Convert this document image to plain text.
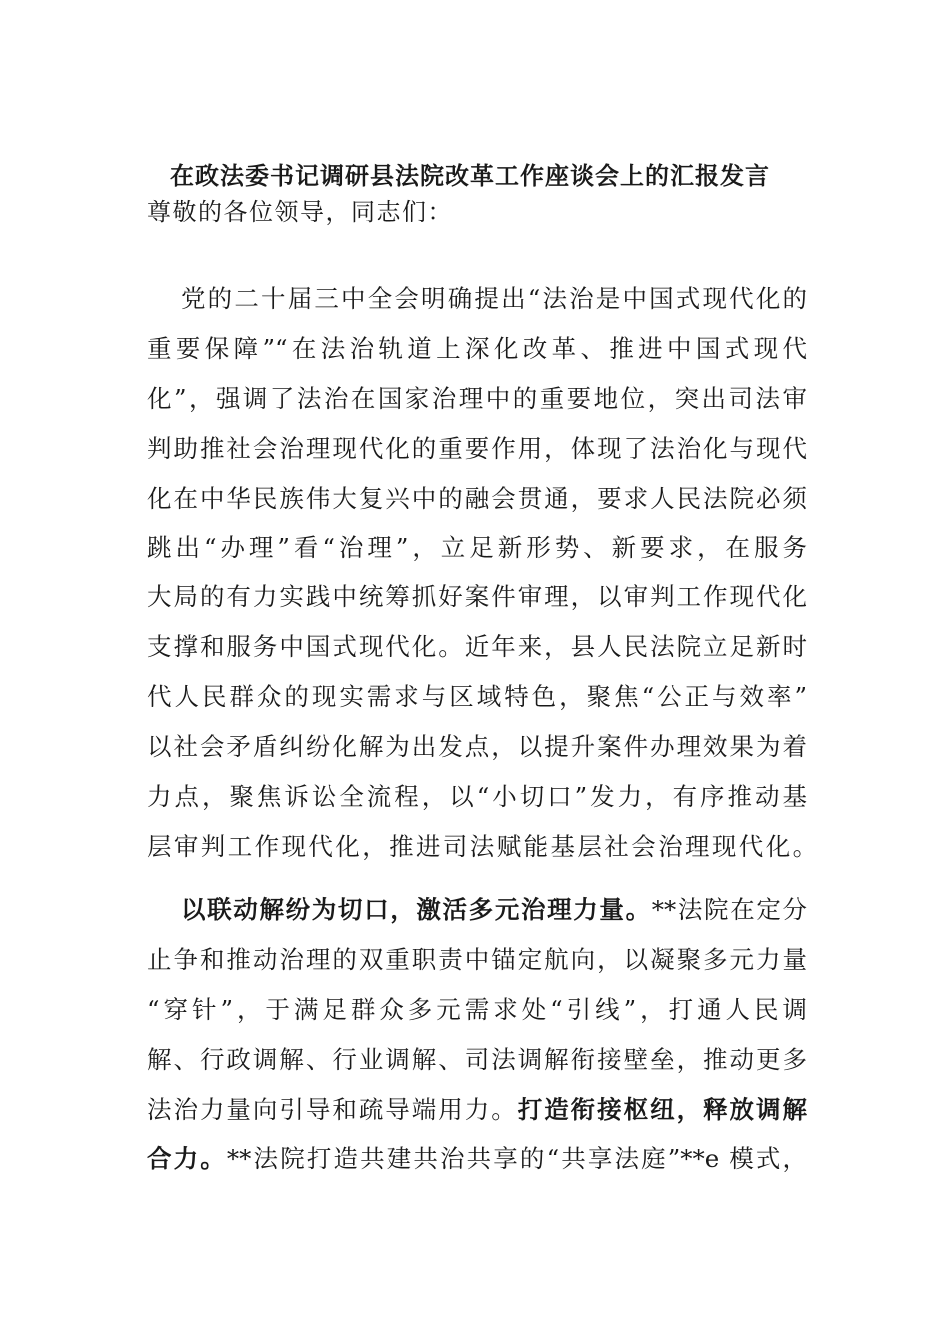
在政法委书记调研县法院改革工作座谈会上的汇报发言
尊敬的各位领导，同志们：
党的二十届三中全会明确提出“法治是中国式现代化的
重要保障”“在法治轨道上深化改革、推进中国式现代
化”，强调了法治在国家治理中的重要地位，突出司法审
判助推社会治理现代化的重要作用，体现了法治化与现代
化在中华民族伟大复兴中的融会贯通，要求人民法院必须
跳出“办理”看“治理”，立足新形势、新要求，在服务
大局的有力实践中统筹抓好案件审理，以审判工作现代化
支撑和服务中国式现代化。近年来，县人民法院立足新时
代人民群众的现实需求与区域特色，聚焦“公正与效率”
以社会矛盾纠纷化解为出发点，以提升案件办理效果为着
力点，聚焦诉讼全流程，以“小切口”发力，有序推动基
层审判工作现代化，推进司法赋能基层社会治理现代化。
以联动解纷为切口，激活多元治理力量。**法院在定分
止争和推动治理的双重职责中锚定航向，以凝聚多元力量
“穿针”，于满足群众多元需求处“引线”，打通人民调
解、行政调解、行业调解、司法调解衔接壁垒，推动更多
法治力量向引导和疏导端用力。打造衔接枢纽，释放调解
合力。**法院打造共建共治共享的“共享法庭”**e 模式，
